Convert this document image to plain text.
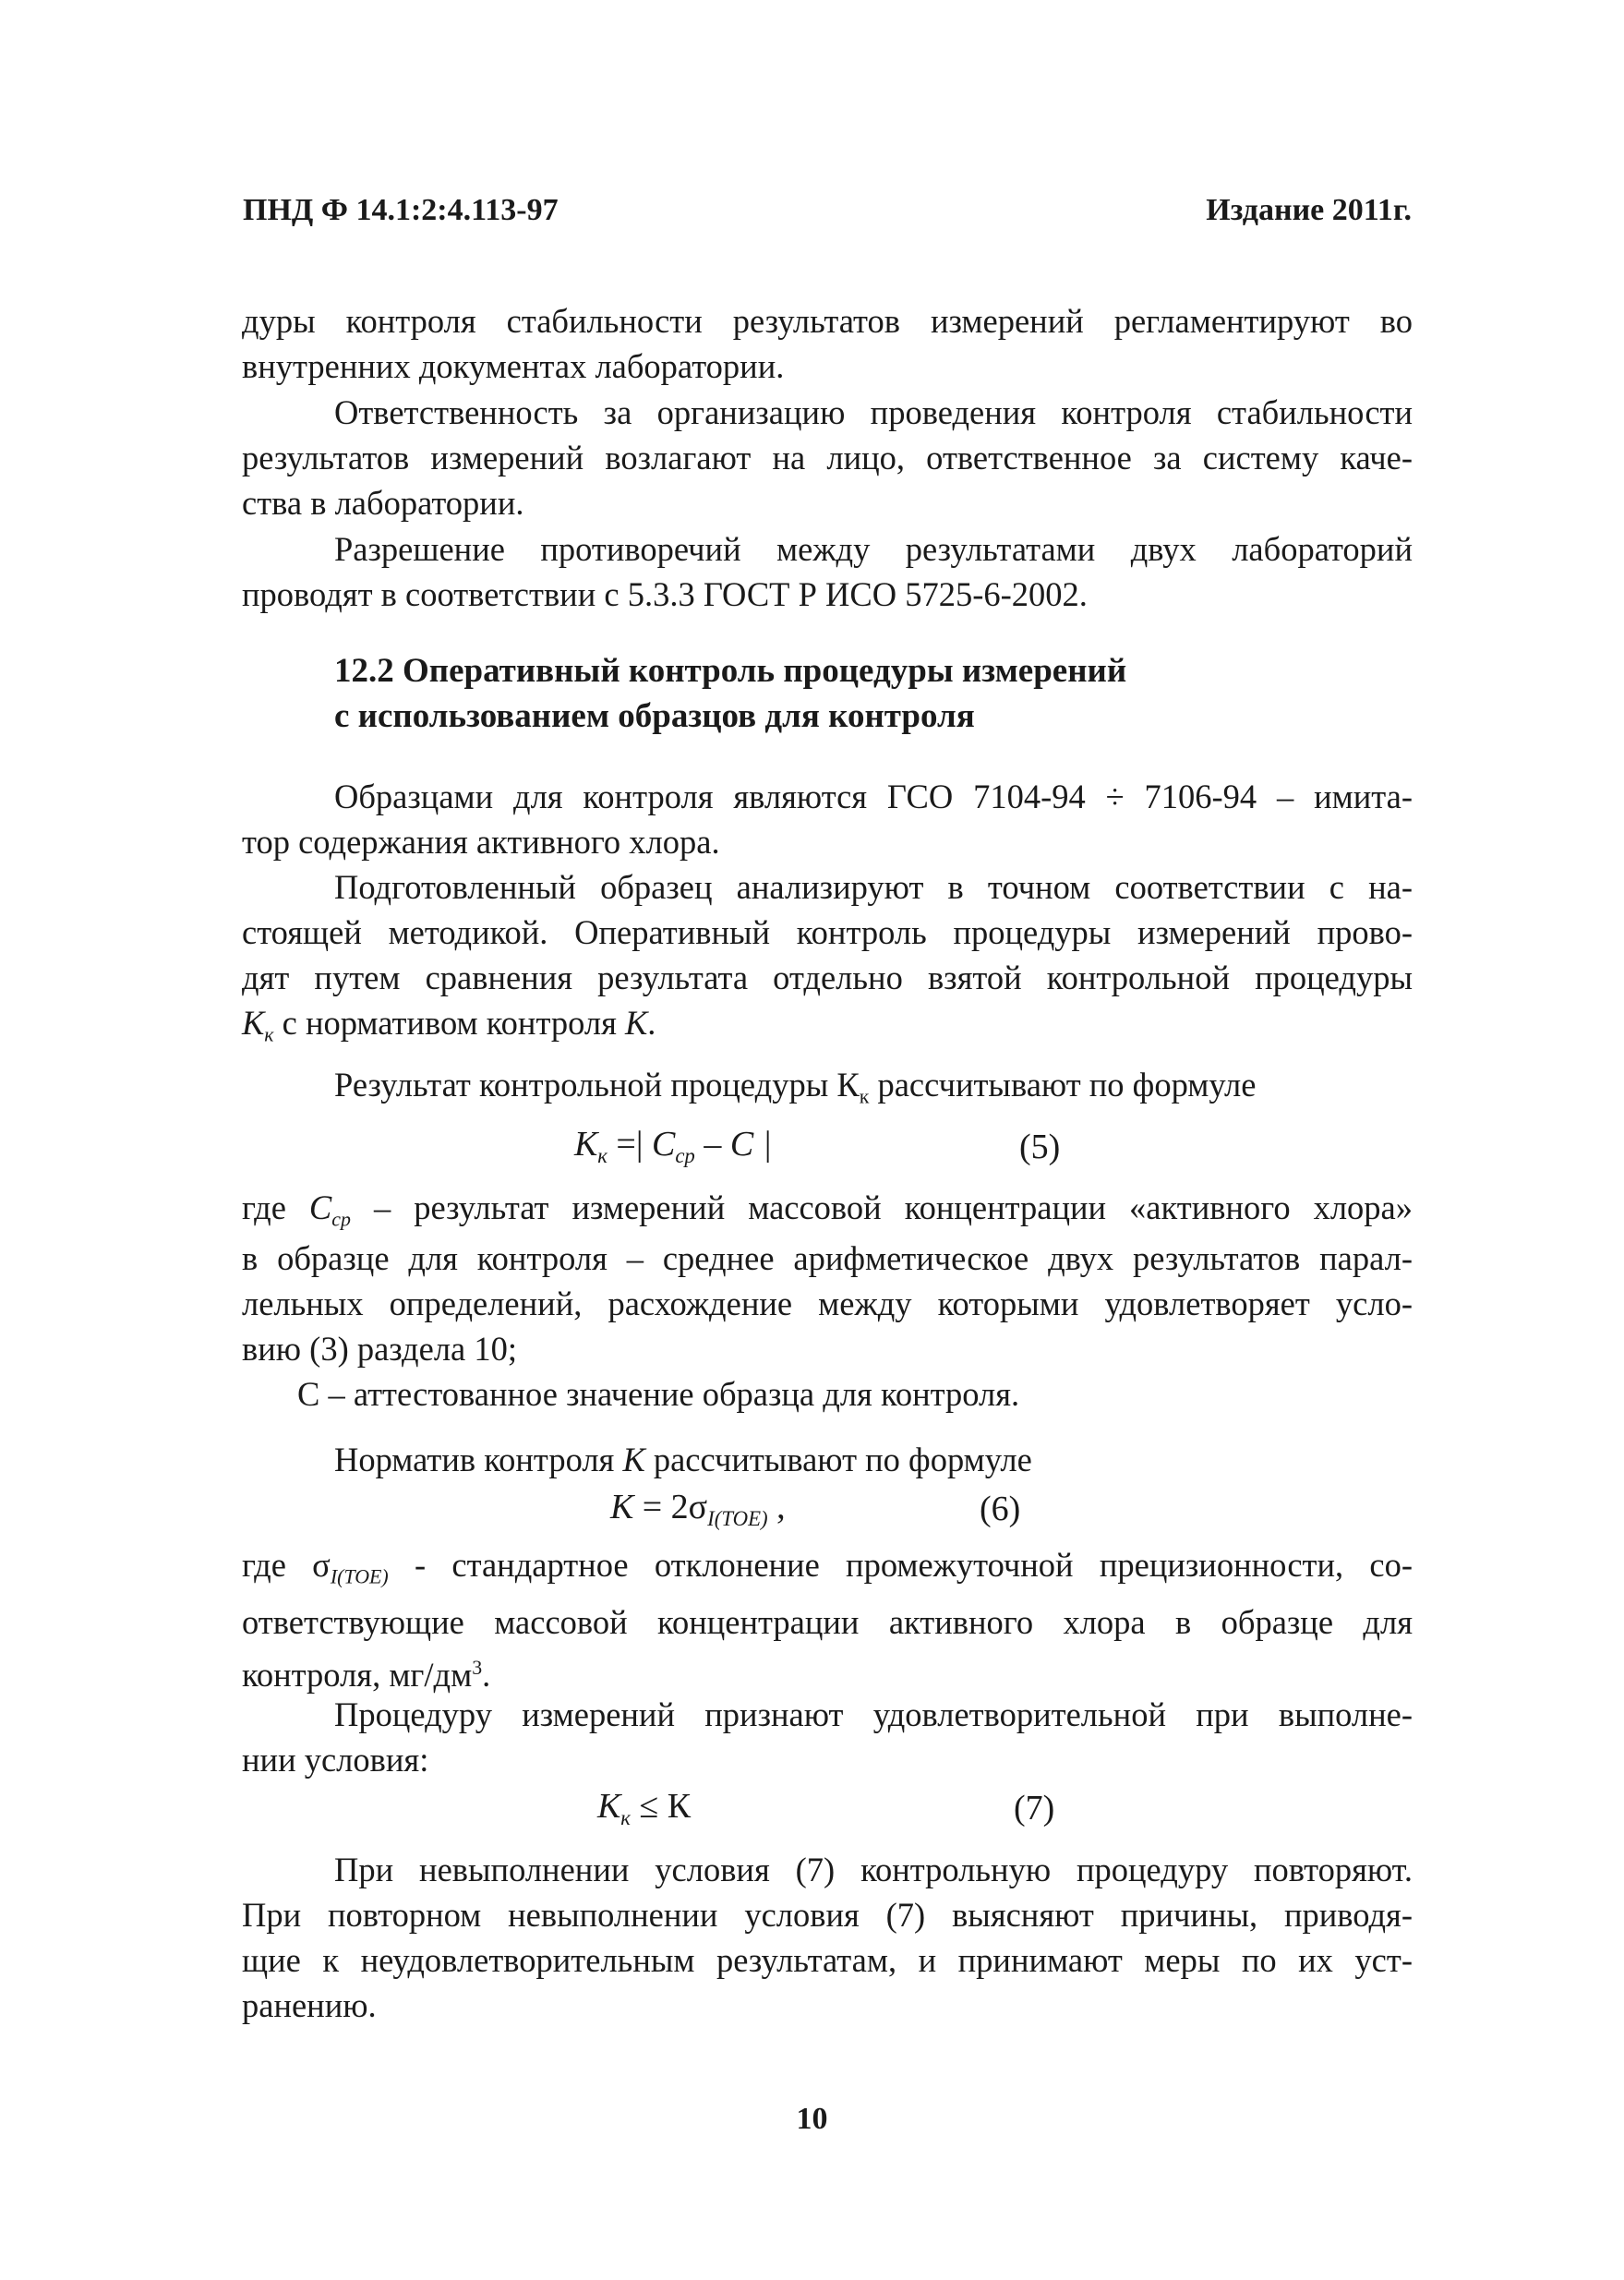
ПНД Ф 14.1:2:4.113-97	Издание 2011г.
дуры контроля стабильности результатов измерений регламентируют во
внутренних документах лаборатории.
Ответственность за организацию проведения контроля стабильности
результатов измерений возлагают на лицо, ответственное за систему каче-
ства в лаборатории.
Разрешение противоречий между результатами двух лабораторий
проводят в соответствии с 5.3.3 ГОСТ Р ИСО 5725-6-2002.
12.2 Оперативный контроль процедуры измерений
с использованием образцов для контроля
Образцами для контроля являются ГСО 7104-94 ÷ 7106-94 – имита-
тор содержания активного хлора.
Подготовленный образец анализируют в точном соответствии с на-
стоящей методикой. Оперативный контроль процедуры измерений прово-
дят путем сравнения результата отдельно взятой контрольной процедуры
$К_к$ с нормативом контроля К.
Результат контрольной процедуры $К_к$ рассчитывают по формуле
$К_к$ =| $С_{ср}$ – С |	(5)
где $С_{ср}$ – результат измерений массовой концентрации «активного хлора»
в образце для контроля – среднее арифметическое двух результатов парал-
лельных определений, расхождение между которыми удовлетворяет усло-
вию (3) раздела 10;
С – аттестованное значение образца для контроля.
Норматив контроля К рассчитывают по формуле
$К = 2\sigma_{I(TOE)}$ ,	(6)
где $\sigma_{I(TOE)}$ - стандартное отклонение промежуточной прецизионности, со-
ответствующие массовой концентрации активного хлора в образце для
контроля, $мг/дм^3$.
Процедуру измерений признают удовлетворительной при выполне-
нии условия:
$К_к \le К$	(7)
При невыполнении условия (7) контрольную процедуру повторяют.
При повторном невыполнении условия (7) выясняют причины, приводя-
щие к неудовлетворительным результатам, и принимают меры по их уст-
ранению.
10
